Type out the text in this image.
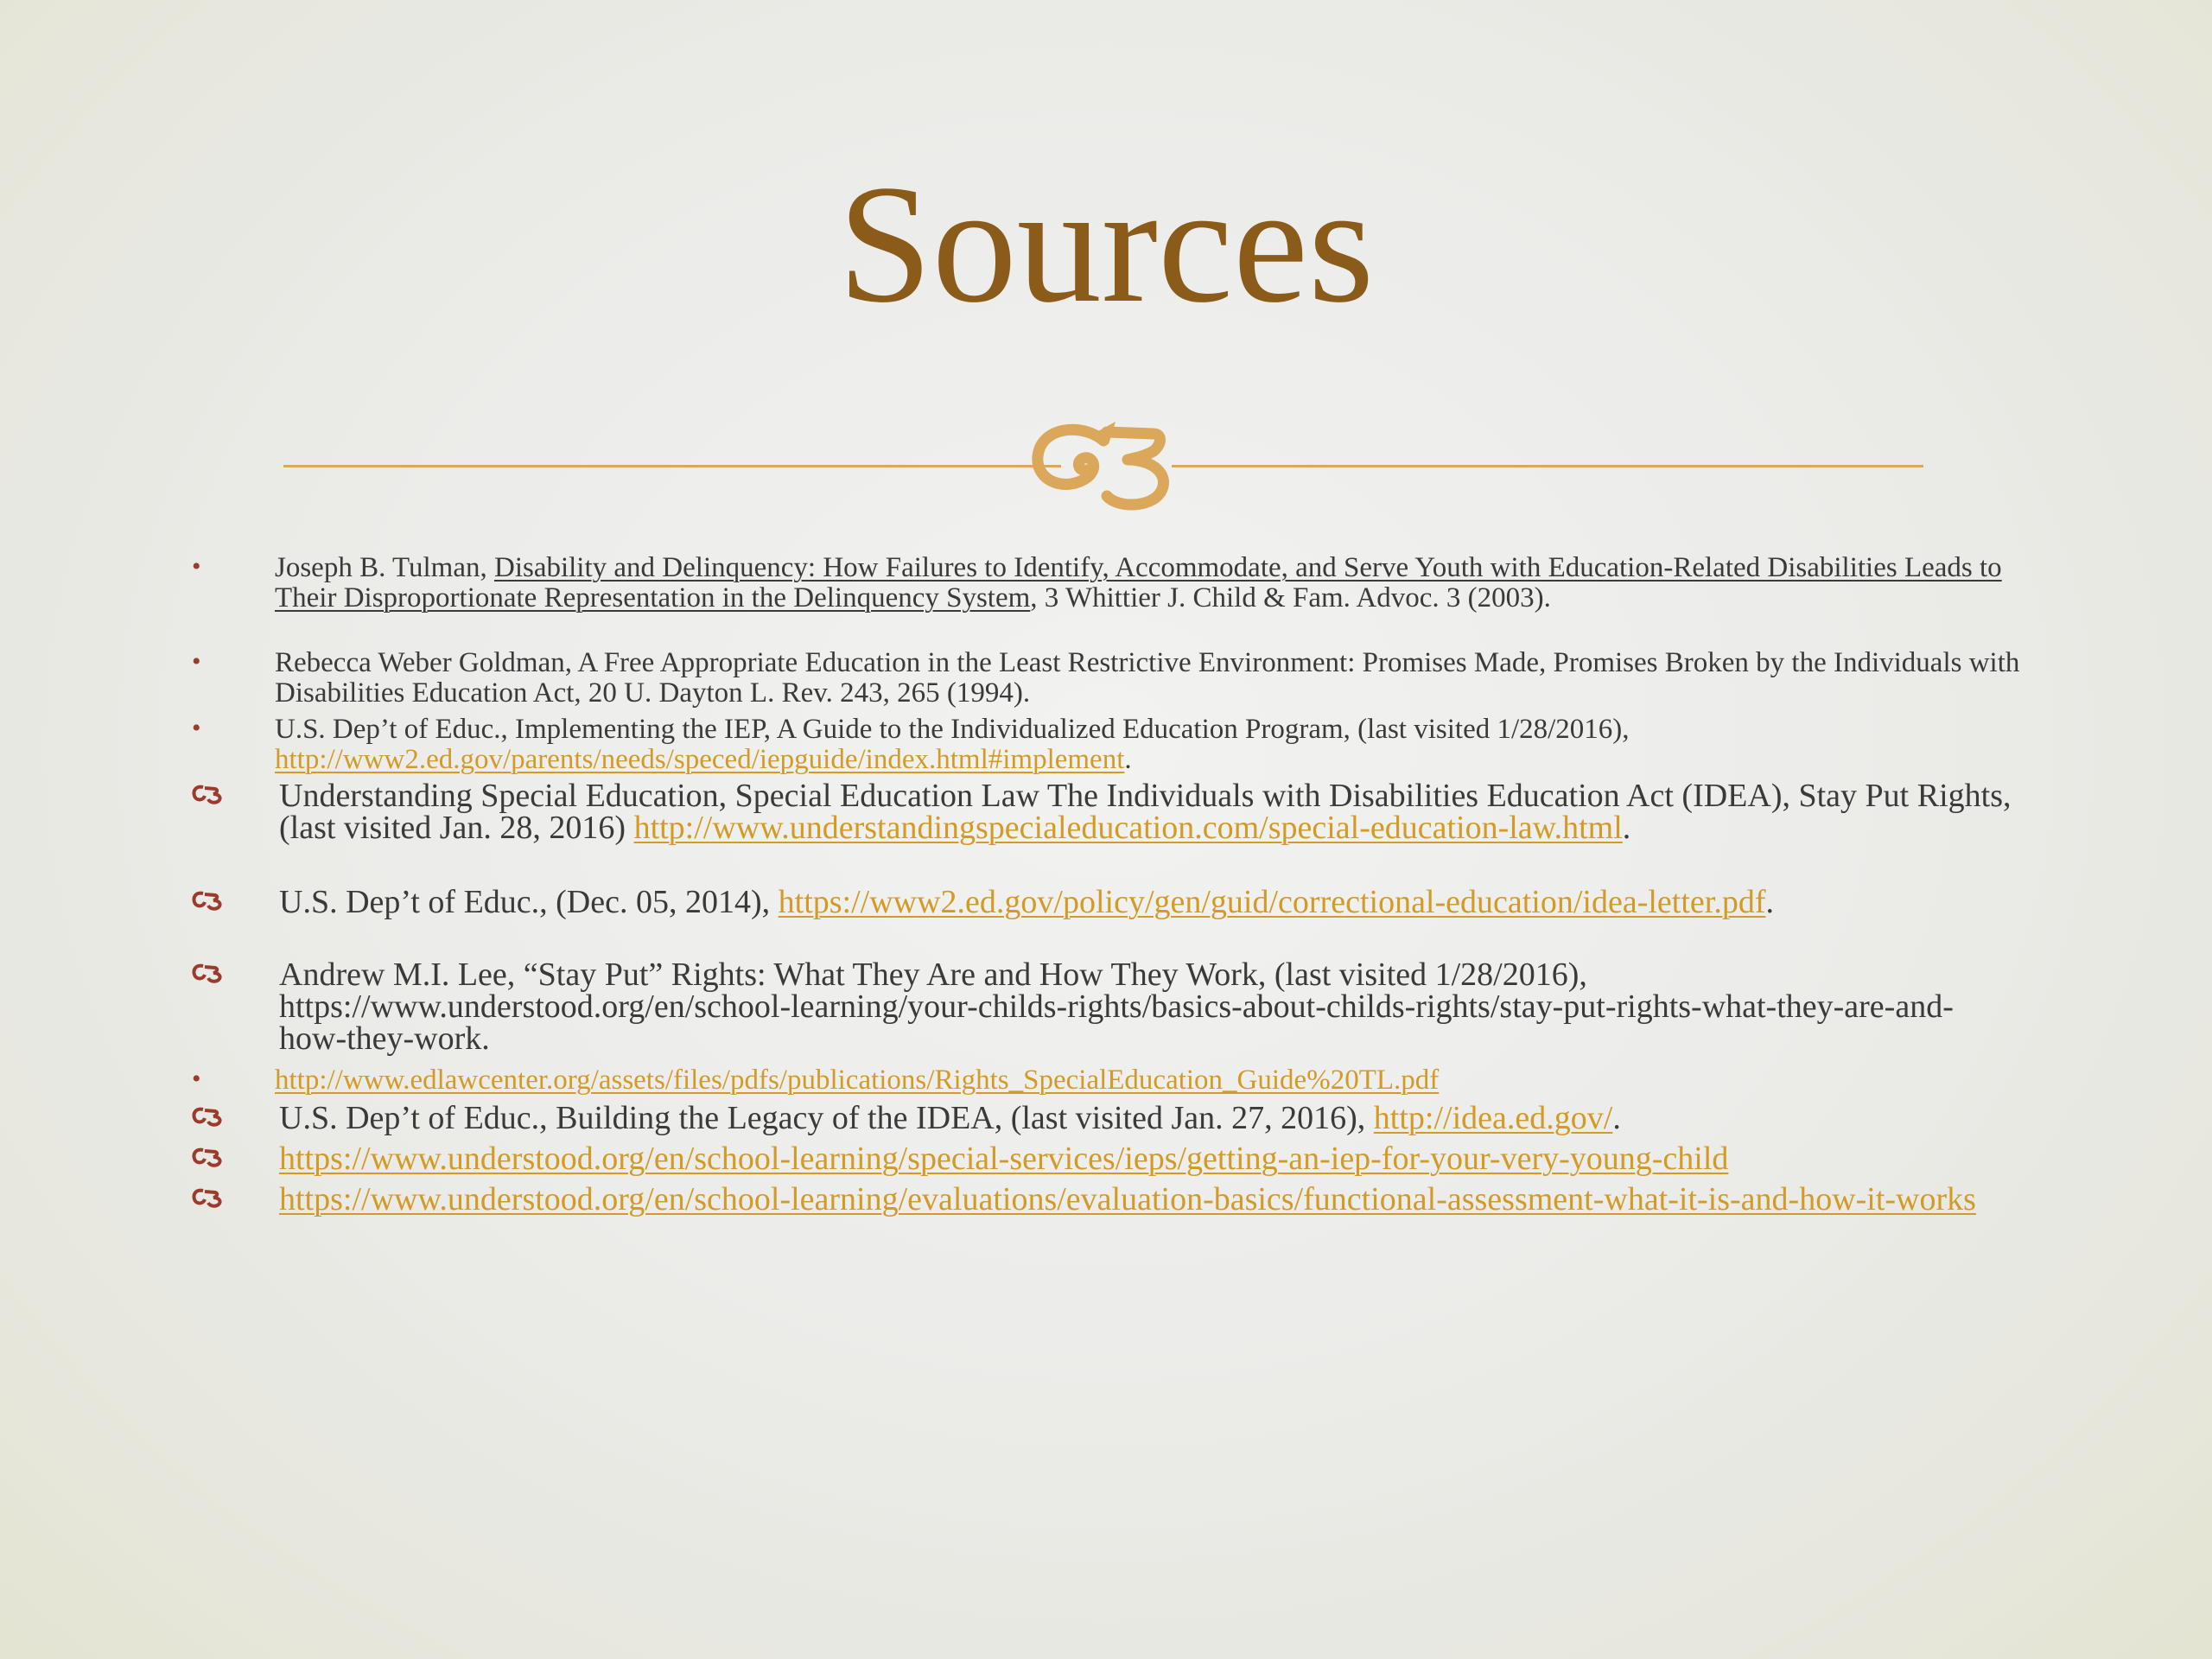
Sources
•	Joseph B. Tulman, Disability and Delinquency: How Failures to Identify, Accommodate, and Serve Youth with Education-Related Disabilities Leads to Their Disproportionate Representation in the Delinquency System, 3 Whittier J. Child & Fam. Advoc. 3 (2003).
•	Rebecca Weber Goldman, A Free Appropriate Education in the Least Restrictive Environment: Promises Made, Promises Broken by the Individuals with Disabilities Education Act, 20 U. Dayton L. Rev. 243, 265 (1994).
•	U.S. Dep’t of Educ., Implementing the IEP, A Guide to the Individualized Education Program, (last visited 1/28/2016), http://www2.ed.gov/parents/needs/speced/iepguide/index.html#implement.
Understanding Special Education, Special Education Law The Individuals with Disabilities Education Act (IDEA), Stay Put Rights, (last visited Jan. 28, 2016) http://www.understandingspecialeducation.com/special-education-law.html.
U.S. Dep’t of Educ., (Dec. 05, 2014), https://www2.ed.gov/policy/gen/guid/correctional-education/idea-letter.pdf.
Andrew M.I. Lee, “Stay Put” Rights: What They Are and How They Work, (last visited 1/28/2016), https://www.understood.org/en/school-learning/your-childs-rights/basics-about-childs-rights/stay-put-rights-what-they-are-and-how-they-work.
•	http://www.edlawcenter.org/assets/files/pdfs/publications/Rights_SpecialEducation_Guide%20TL.pdf
U.S. Dep’t of Educ., Building the Legacy of the IDEA, (last visited Jan. 27, 2016), http://idea.ed.gov/.
https://www.understood.org/en/school-learning/special-services/ieps/getting-an-iep-for-your-very-young-child
https://www.understood.org/en/school-learning/evaluations/evaluation-basics/functional-assessment-what-it-is-and-how-it-works
